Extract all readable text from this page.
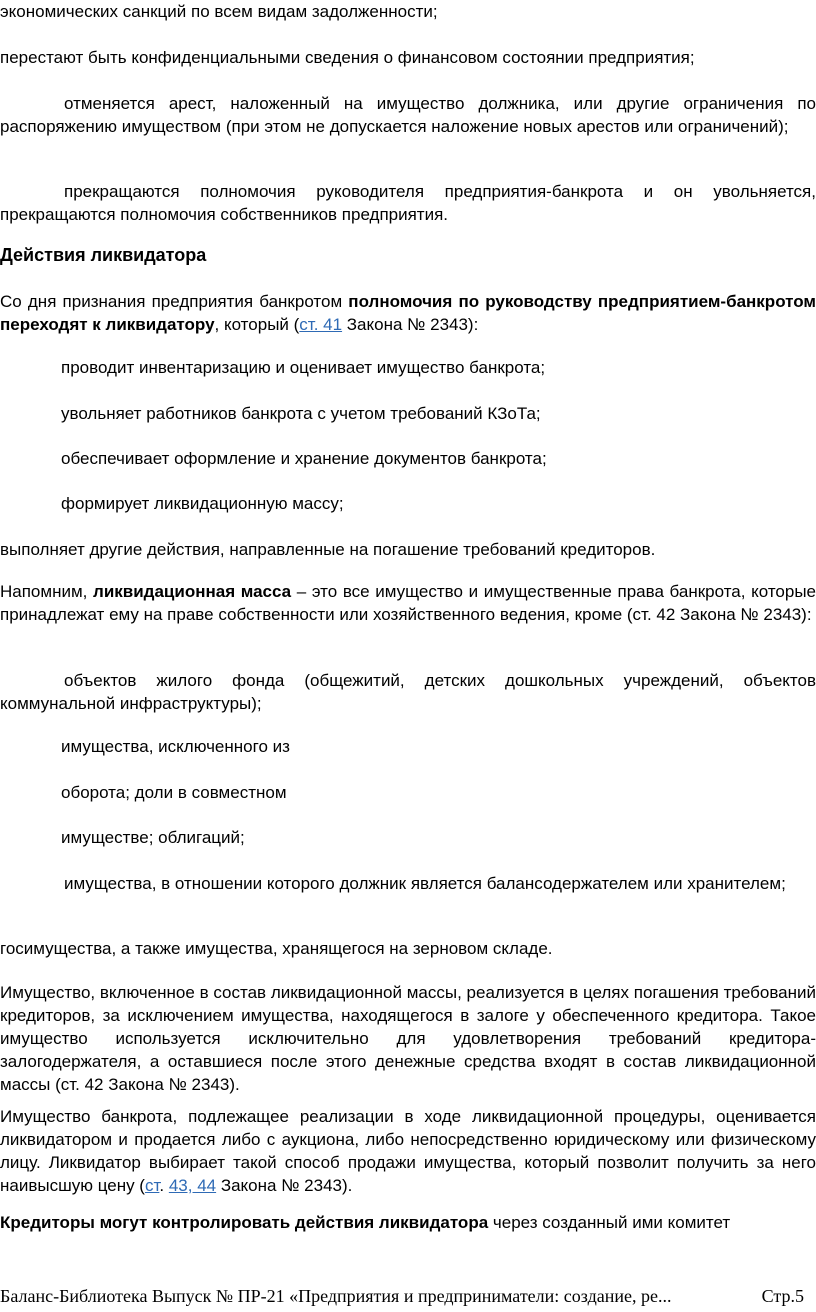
экономических санкций по всем видам задолженности;

перестают быть конфиденциальными сведения о финансовом состоянии предприятия;

отменяется арест, наложенный на имущество должника, или другие ограничения по распоряжению имуществом (при этом не допускается наложение новых арестов или ограничений);

прекращаются полномочия руководителя предприятия-банкрота и он увольняется, прекращаются полномочия собственников предприятия.

Действия ликвидатора

Со дня признания предприятия банкротом полномочия по руководству предприятием-банкротом переходят к ликвидатору, который (ст. 41 Закона № 2343):

проводит инвентаризацию и оценивает имущество банкрота;

увольняет работников банкрота с учетом требований КЗоТа;

обеспечивает оформление и хранение документов банкрота;

формирует ликвидационную массу;

выполняет другие действия, направленные на погашение требований кредиторов.

Напомним, ликвидационная масса – это все имущество и имущественные права банкрота, которые принадлежат ему на праве собственности или хозяйственного ведения, кроме (ст. 42 Закона № 2343):

объектов жилого фонда (общежитий, детских дошкольных учреждений, объектов коммунальной инфраструктуры);

имущества, исключенного из

оборота; доли в совместном

имуществе; облигаций;

имущества, в отношении которого должник является балансодержателем или хранителем;

госимущества, а также имущества, хранящегося на зерновом складе.

Имущество, включенное в состав ликвидационной массы, реализуется в целях погашения требований кредиторов, за исключением имущества, находящегося в залоге у обеспеченного кредитора. Такое имущество используется исключительно для удовлетворения требований кредитора-залогодержателя, а оставшиеся после этого денежные средства входят в состав ликвидационной массы (ст. 42 Закона № 2343).

Имущество банкрота, подлежащее реализации в ходе ликвидационной процедуры, оценивается ликвидатором и продается либо с аукциона, либо непосредственно юридическому или физическому лицу. Ликвидатор выбирает такой способ продажи имущества, который позволит получить за него наивысшую цену (ст. 43, 44 Закона № 2343).

Кредиторы могут контролировать действия ликвидатора через созданный ими комитет

Баланс-Библиотека Выпуск № ПР-21 «Предприятия и предприниматели: создание, ре...	Стр.5
